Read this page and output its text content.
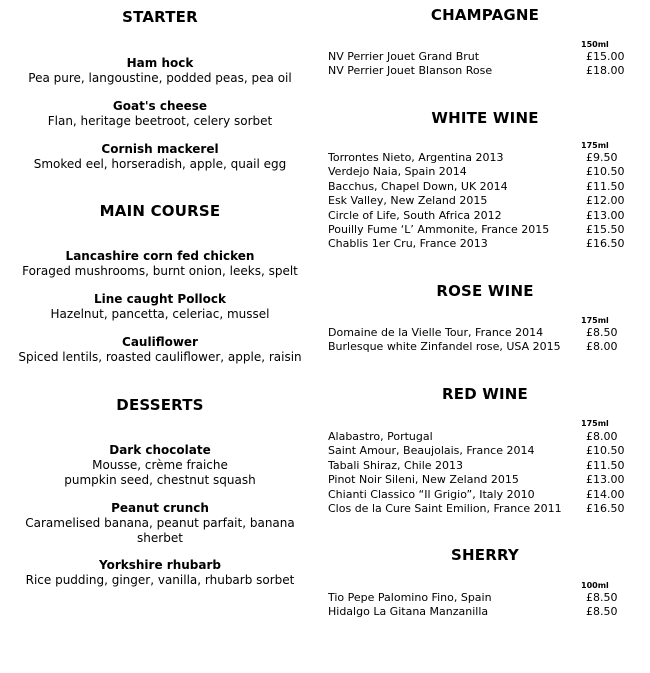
STARTER
Ham hock
Pea pure, langoustine, podded peas, pea oil
Goat's cheese
Flan, heritage beetroot, celery sorbet
Cornish mackerel
Smoked eel, horseradish, apple, quail egg
MAIN COURSE
Lancashire corn fed chicken
Foraged mushrooms, burnt onion, leeks, spelt
Line caught Pollock
Hazelnut, pancetta, celeriac, mussel
Cauliflower
Spiced lentils, roasted cauliflower, apple, raisin
DESSERTS
Dark chocolate
Mousse, crème fraiche
pumpkin seed, chestnut squash
Peanut crunch
Caramelised banana, peanut parfait, banana
sherbet
Yorkshire rhubarb
Rice pudding, ginger, vanilla, rhubarb sorbet
CHAMPAGNE
150ml
NV Perrier Jouet Grand Brut	£15.00
NV Perrier Jouet Blanson Rose	£18.00
WHITE WINE
175ml
Torrontes Nieto, Argentina 2013	£9.50
Verdejo Naia, Spain 2014	£10.50
Bacchus, Chapel Down, UK 2014	£11.50
Esk Valley, New Zeland 2015	£12.00
Circle of Life, South Africa 2012	£13.00
Pouilly Fume ‘L’ Ammonite, France 2015	£15.50
Chablis 1er Cru, France 2013	£16.50
ROSE WINE
175ml
Domaine de la Vielle Tour, France 2014	£8.50
Burlesque white Zinfandel rose, USA 2015	£8.00
RED WINE
175ml
Alabastro, Portugal	£8.00
Saint Amour, Beaujolais, France 2014	£10.50
Tabali Shiraz, Chile 2013	£11.50
Pinot Noir Sileni, New Zeland 2015	£13.00
Chianti Classico “Il Grigio”, Italy 2010	£14.00
Clos de la Cure Saint Emilion, France 2011	£16.50
SHERRY
100ml
Tio Pepe Palomino Fino, Spain	£8.50
Hidalgo La Gitana Manzanilla	£8.50
